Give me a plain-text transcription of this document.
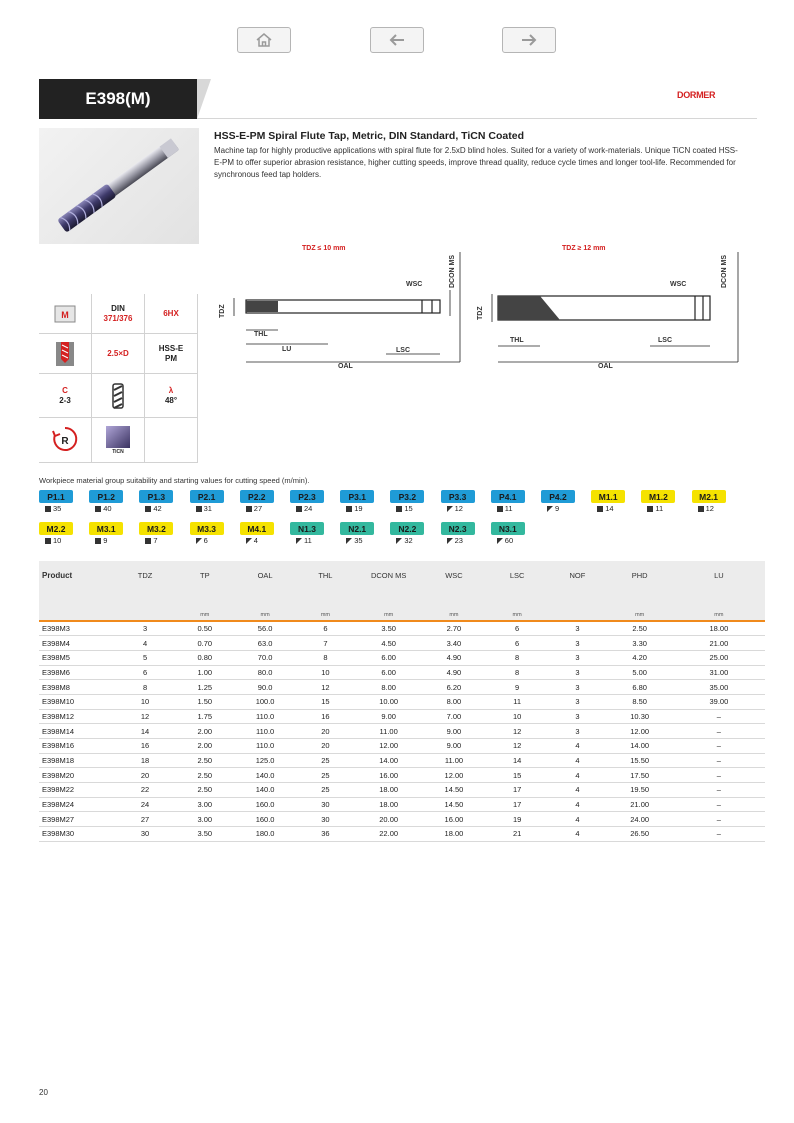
E398(M)	DORMER
HSS-E-PM Spiral Flute Tap, Metric, DIN Standard, TiCN Coated
Machine tap for highly productive applications with spiral flute for 2.5xD blind holes. Suited for a variety of work-materials. Unique TiCN coated HSS-E-PM to offer superior abrasion resistance, higher cutting speeds, improve thread quality, reduce cycle times and longer tool-life. Recommended for synchronous feed tap holders.
TDZ ≤ 10 mm
DCON MS
WSC
TDZ
THL
LU	LSC
OAL
TDZ ≥ 12 mm
DCON MS
WSC
TDZ
THL	LSC
OAL
M
DIN
371/376
6HX
2.5×D
HSS-E
PM
C
2-3
λ
48°
R
TiCN
Workpiece material group suitability and starting values for cutting speed (m/min).
P1.1
35
P1.2
40
P1.3
42
P2.1
31
P2.2
27
P2.3
24
P3.1
19
P3.2
15
P3.3
12
P4.1
11
P4.2
9
M1.1
14
M1.2
11
M2.1
12
M2.2
10
M3.1
9
M3.2
7
M3.3
6
M4.1
4
N1.3
11
N2.1
35
N2.2
32
N2.3
23
N3.1
60
Product	TDZ	TP	OAL	THL	DCON MS	WSC	LSC	NOF	PHD	LU
		mm	mm	mm	mm	mm	mm		mm	mm
E398M3	3	0.50	56.0	6	3.50	2.70	6	3	2.50	18.00
E398M4	4	0.70	63.0	7	4.50	3.40	6	3	3.30	21.00
E398M5	5	0.80	70.0	8	6.00	4.90	8	3	4.20	25.00
E398M6	6	1.00	80.0	10	6.00	4.90	8	3	5.00	31.00
E398M8	8	1.25	90.0	12	8.00	6.20	9	3	6.80	35.00
E398M10	10	1.50	100.0	15	10.00	8.00	11	3	8.50	39.00
E398M12	12	1.75	110.0	16	9.00	7.00	10	3	10.30	–
E398M14	14	2.00	110.0	20	11.00	9.00	12	3	12.00	–
E398M16	16	2.00	110.0	20	12.00	9.00	12	4	14.00	–
E398M18	18	2.50	125.0	25	14.00	11.00	14	4	15.50	–
E398M20	20	2.50	140.0	25	16.00	12.00	15	4	17.50	–
E398M22	22	2.50	140.0	25	18.00	14.50	17	4	19.50	–
E398M24	24	3.00	160.0	30	18.00	14.50	17	4	21.00	–
E398M27	27	3.00	160.0	30	20.00	16.00	19	4	24.00	–
E398M30	30	3.50	180.0	36	22.00	18.00	21	4	26.50	–
20
